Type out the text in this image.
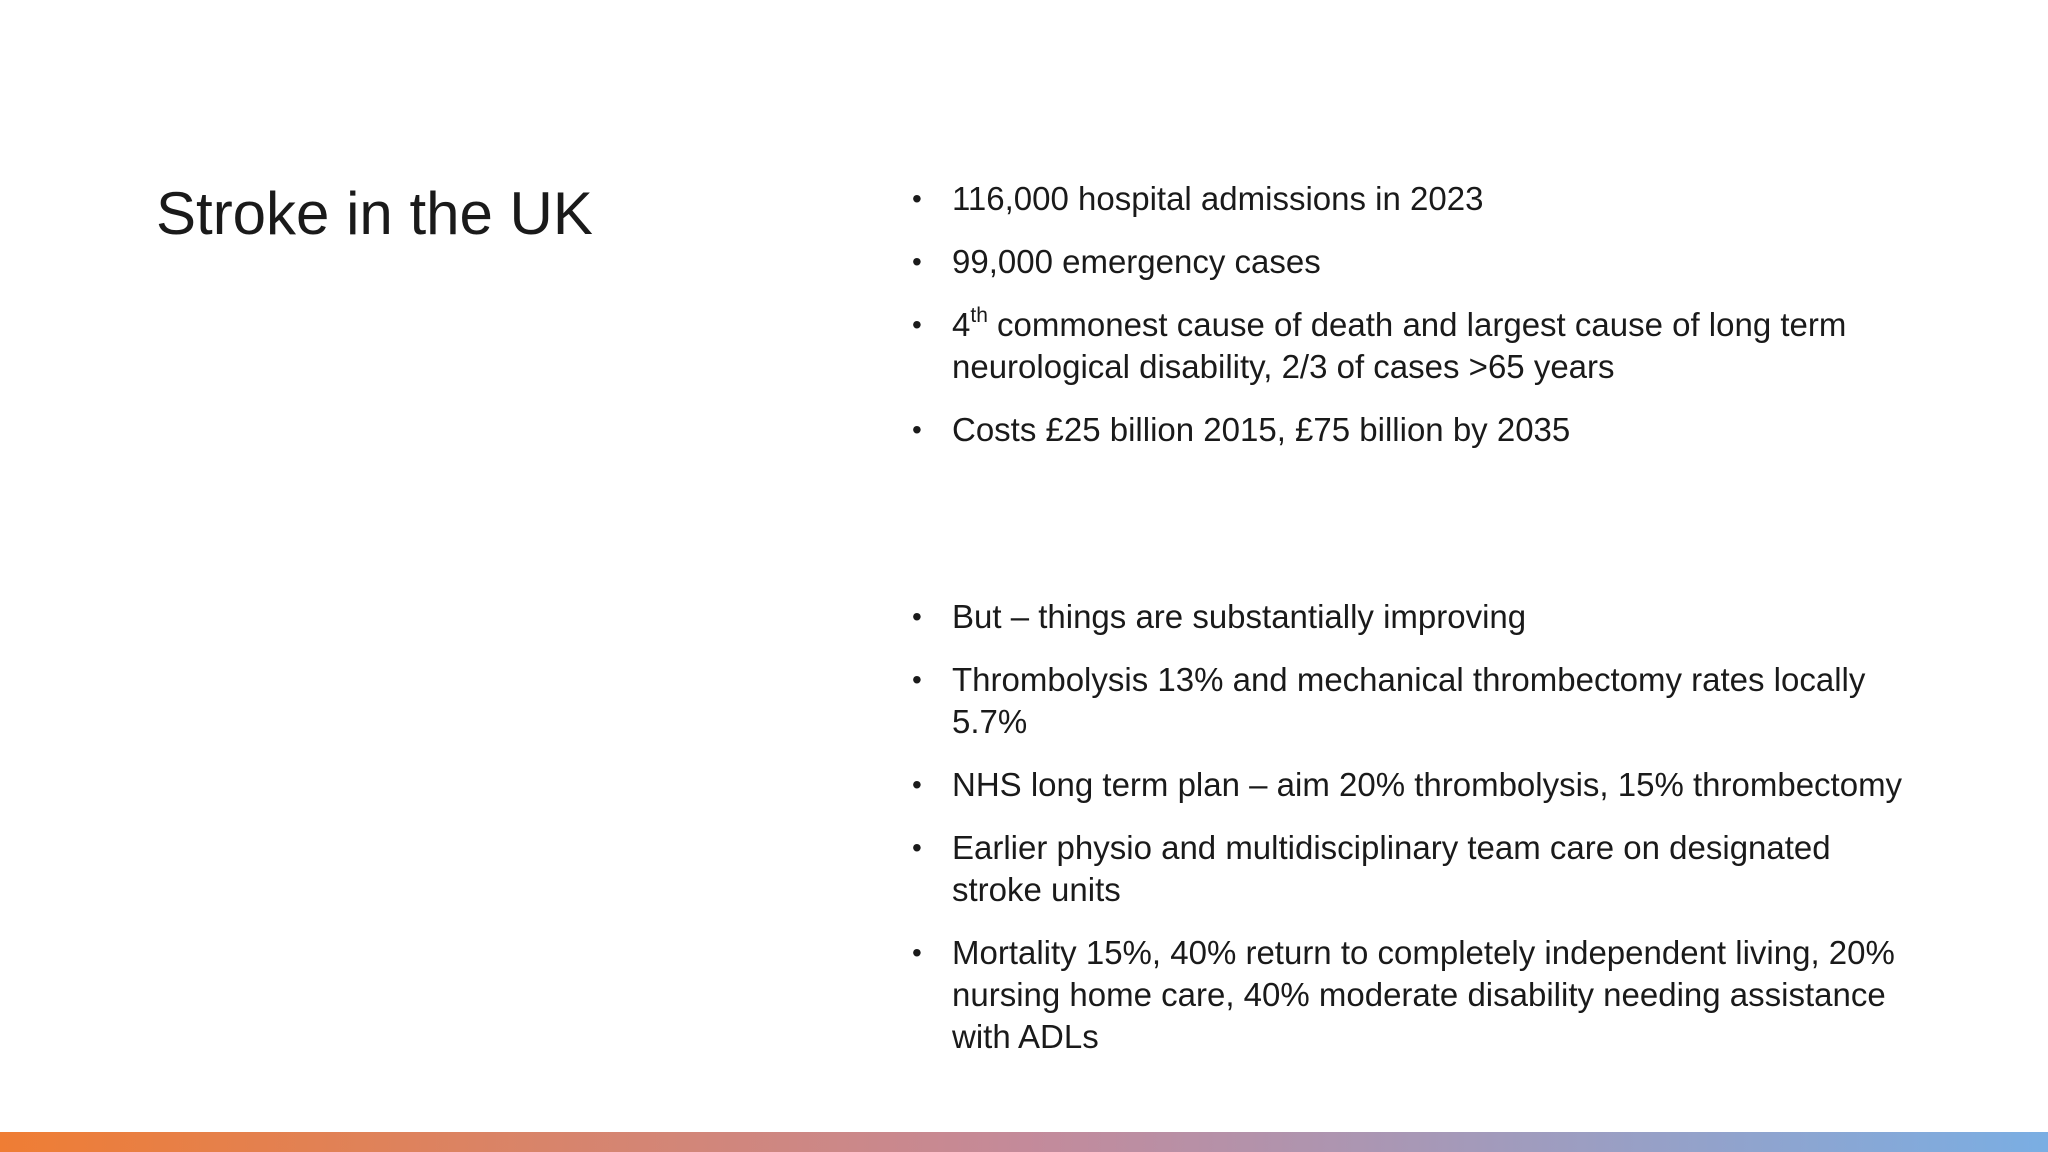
Stroke in the UK	• 116,000 hospital admissions in 2023
• 99,000 emergency cases
• 4th commonest cause of death and largest cause of long term neurological disability, 2/3 of cases >65 years
• Costs £25 billion 2015, £75 billion by 2035
• But – things are substantially improving
• Thrombolysis 13% and mechanical thrombectomy rates locally 5.7%
• NHS long term plan – aim 20% thrombolysis, 15% thrombectomy
• Earlier physio and multidisciplinary team care on designated stroke units
• Mortality 15%, 40% return to completely independent living, 20% nursing home care, 40% moderate disability needing assistance with ADLs
